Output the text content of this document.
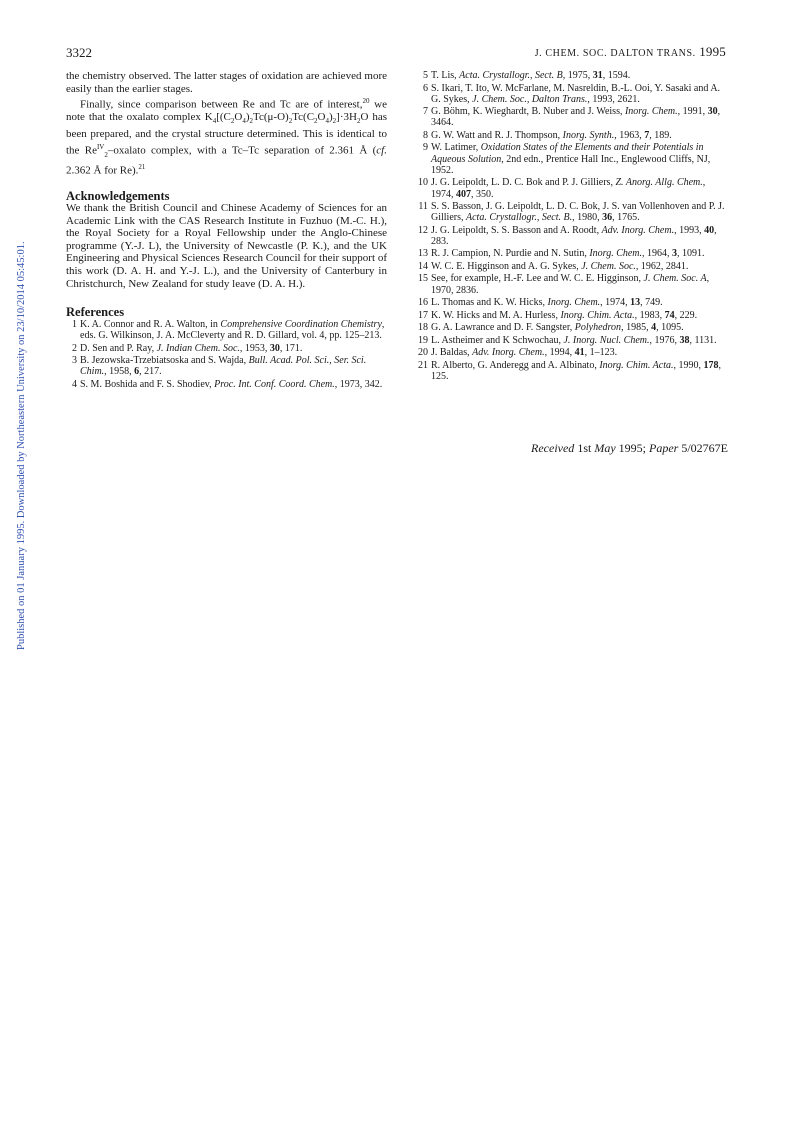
3322	J. CHEM. SOC. DALTON TRANS. 1995
Published on 01 January 1995. Downloaded by Northeastern University on 23/10/2014 05:45:01.

the chemistry observed. The latter stages of oxidation are achieved more easily than the earlier stages.

Finally, since comparison between Re and Tc are of interest,$^{20}$ we note that the oxalato complex $K_4[(C_2O_4)_2Tc(\mu-O)_2Tc(C_2O_4)_2]\cdot 3H_2O$ has been prepared, and the crystal structure determined. This is identical to the $Re^{IV}_2$–oxalato complex, with a Tc–Tc separation of 2.361 Å (cf. 2.362 Å for Re).$^{21}$

Acknowledgements

We thank the British Council and Chinese Academy of Sciences for an Academic Link with the CAS Research Institute in Fuzhuo (M.-C. H.), the Royal Society for a Royal Fellowship under the Anglo-Chinese programme (Y.-J. L), the University of Newcastle (P. K.), and the UK Engineering and Physical Sciences Research Council for their support of this work (D. A. H. and Y.-J. L.), and the University of Canterbury in Christchurch, New Zealand for study leave (D. A. H.).

References
1 K. A. Connor and R. A. Walton, in Comprehensive Coordination Chemistry, eds. G. Wilkinson, J. A. McCleverty and R. D. Gillard, vol. 4, pp. 125–213.
2 D. Sen and P. Ray, J. Indian Chem. Soc., 1953, 30, 171.
3 B. Jezowska-Trzebiatsoska and S. Wajda, Bull. Acad. Pol. Sci., Ser. Sci. Chim., 1958, 6, 217.
4 S. M. Boshida and F. S. Shodiev, Proc. Int. Conf. Coord. Chem., 1973, 342.
5 T. Lis, Acta. Crystallogr., Sect. B, 1975, 31, 1594.
6 S. Ikari, T. Ito, W. McFarlane, M. Nasreldin, B.-L. Ooi, Y. Sasaki and A. G. Sykes, J. Chem. Soc., Dalton Trans., 1993, 2621.
7 G. Böhm, K. Wieghardt, B. Nuber and J. Weiss, Inorg. Chem., 1991, 30, 3464.
8 G. W. Watt and R. J. Thompson, Inorg. Synth., 1963, 7, 189.
9 W. Latimer, Oxidation States of the Elements and their Potentials in Aqueous Solution, 2nd edn., Prentice Hall Inc., Englewood Cliffs, NJ, 1952.
10 J. G. Leipoldt, L. D. C. Bok and P. J. Gilliers, Z. Anorg. Allg. Chem., 1974, 407, 350.
11 S. S. Basson, J. G. Leipoldt, L. D. C. Bok, J. S. van Vollenhoven and P. J. Gilliers, Acta. Crystallogr., Sect. B., 1980, 36, 1765.
12 J. G. Leipoldt, S. S. Basson and A. Roodt, Adv. Inorg. Chem., 1993, 40, 283.
13 R. J. Campion, N. Purdie and N. Sutin, Inorg. Chem., 1964, 3, 1091.
14 W. C. E. Higginson and A. G. Sykes, J. Chem. Soc., 1962, 2841.
15 See, for example, H.-F. Lee and W. C. E. Higginson, J. Chem. Soc. A, 1970, 2836.
16 L. Thomas and K. W. Hicks, Inorg. Chem., 1974, 13, 749.
17 K. W. Hicks and M. A. Hurless, Inorg. Chim. Acta., 1983, 74, 229.
18 G. A. Lawrance and D. F. Sangster, Polyhedron, 1985, 4, 1095.
19 L. Astheimer and K Schwochau, J. Inorg. Nucl. Chem., 1976, 38, 1131.
20 J. Baldas, Adv. Inorg. Chem., 1994, 41, 1–123.
21 R. Alberto, G. Anderegg and A. Albinato, Inorg. Chim. Acta., 1990, 178, 125.
Received 1st May 1995; Paper 5/02767E
